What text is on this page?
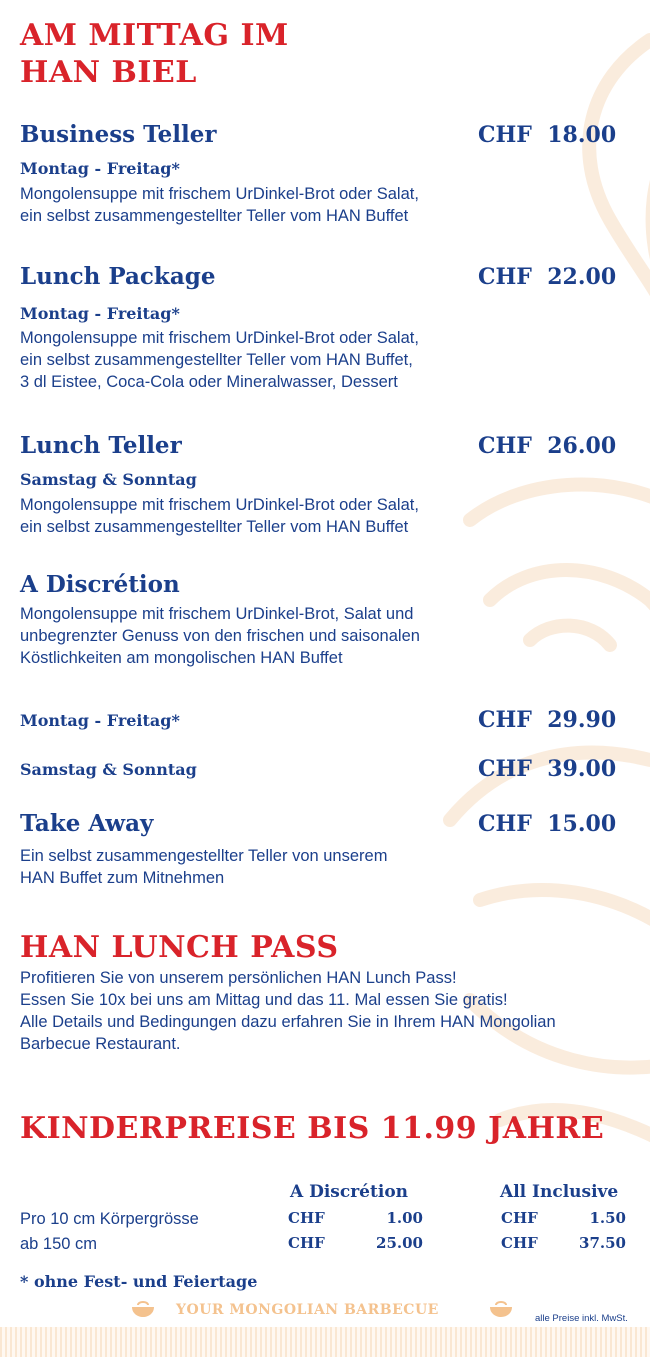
AM MITTAG IM
HAN BIEL
Business Teller	CHF  18.00
Montag - Freitag*
Mongolensuppe mit frischem UrDinkel-Brot oder Salat,
ein selbst zusammengestellter Teller vom HAN Buffet
Lunch Package	CHF  22.00
Montag - Freitag*
Mongolensuppe mit frischem UrDinkel-Brot oder Salat,
ein selbst zusammengestellter Teller vom HAN Buffet,
3 dl Eistee, Coca-Cola oder Mineralwasser, Dessert
Lunch Teller	CHF  26.00
Samstag & Sonntag
Mongolensuppe mit frischem UrDinkel-Brot oder Salat,
ein selbst zusammengestellter Teller vom HAN Buffet
A Discrétion
Mongolensuppe mit frischem UrDinkel-Brot, Salat und
unbegrenzter Genuss von den frischen und saisonalen
Köstlichkeiten am mongolischen HAN Buffet
Montag - Freitag*	CHF  29.90
Samstag & Sonntag	CHF  39.00
Take Away	CHF  15.00
Ein selbst zusammengestellter Teller von unserem
HAN Buffet zum Mitnehmen
HAN LUNCH PASS
Profitieren Sie von unserem persönlichen HAN Lunch Pass!
Essen Sie 10x bei uns am Mittag und das 11. Mal essen Sie gratis!
Alle Details und Bedingungen dazu erfahren Sie in Ihrem HAN Mongolian
Barbecue Restaurant.
KINDERPREISE BIS 11.99 JAHRE
A Discrétion	All Inclusive
Pro 10 cm Körpergrösse	CHF	1.00	CHF	1.50
ab 150 cm	CHF	25.00	CHF	37.50
* ohne Fest- und Feiertage
YOUR MONGOLIAN BARBECUE
alle Preise inkl. MwSt.
